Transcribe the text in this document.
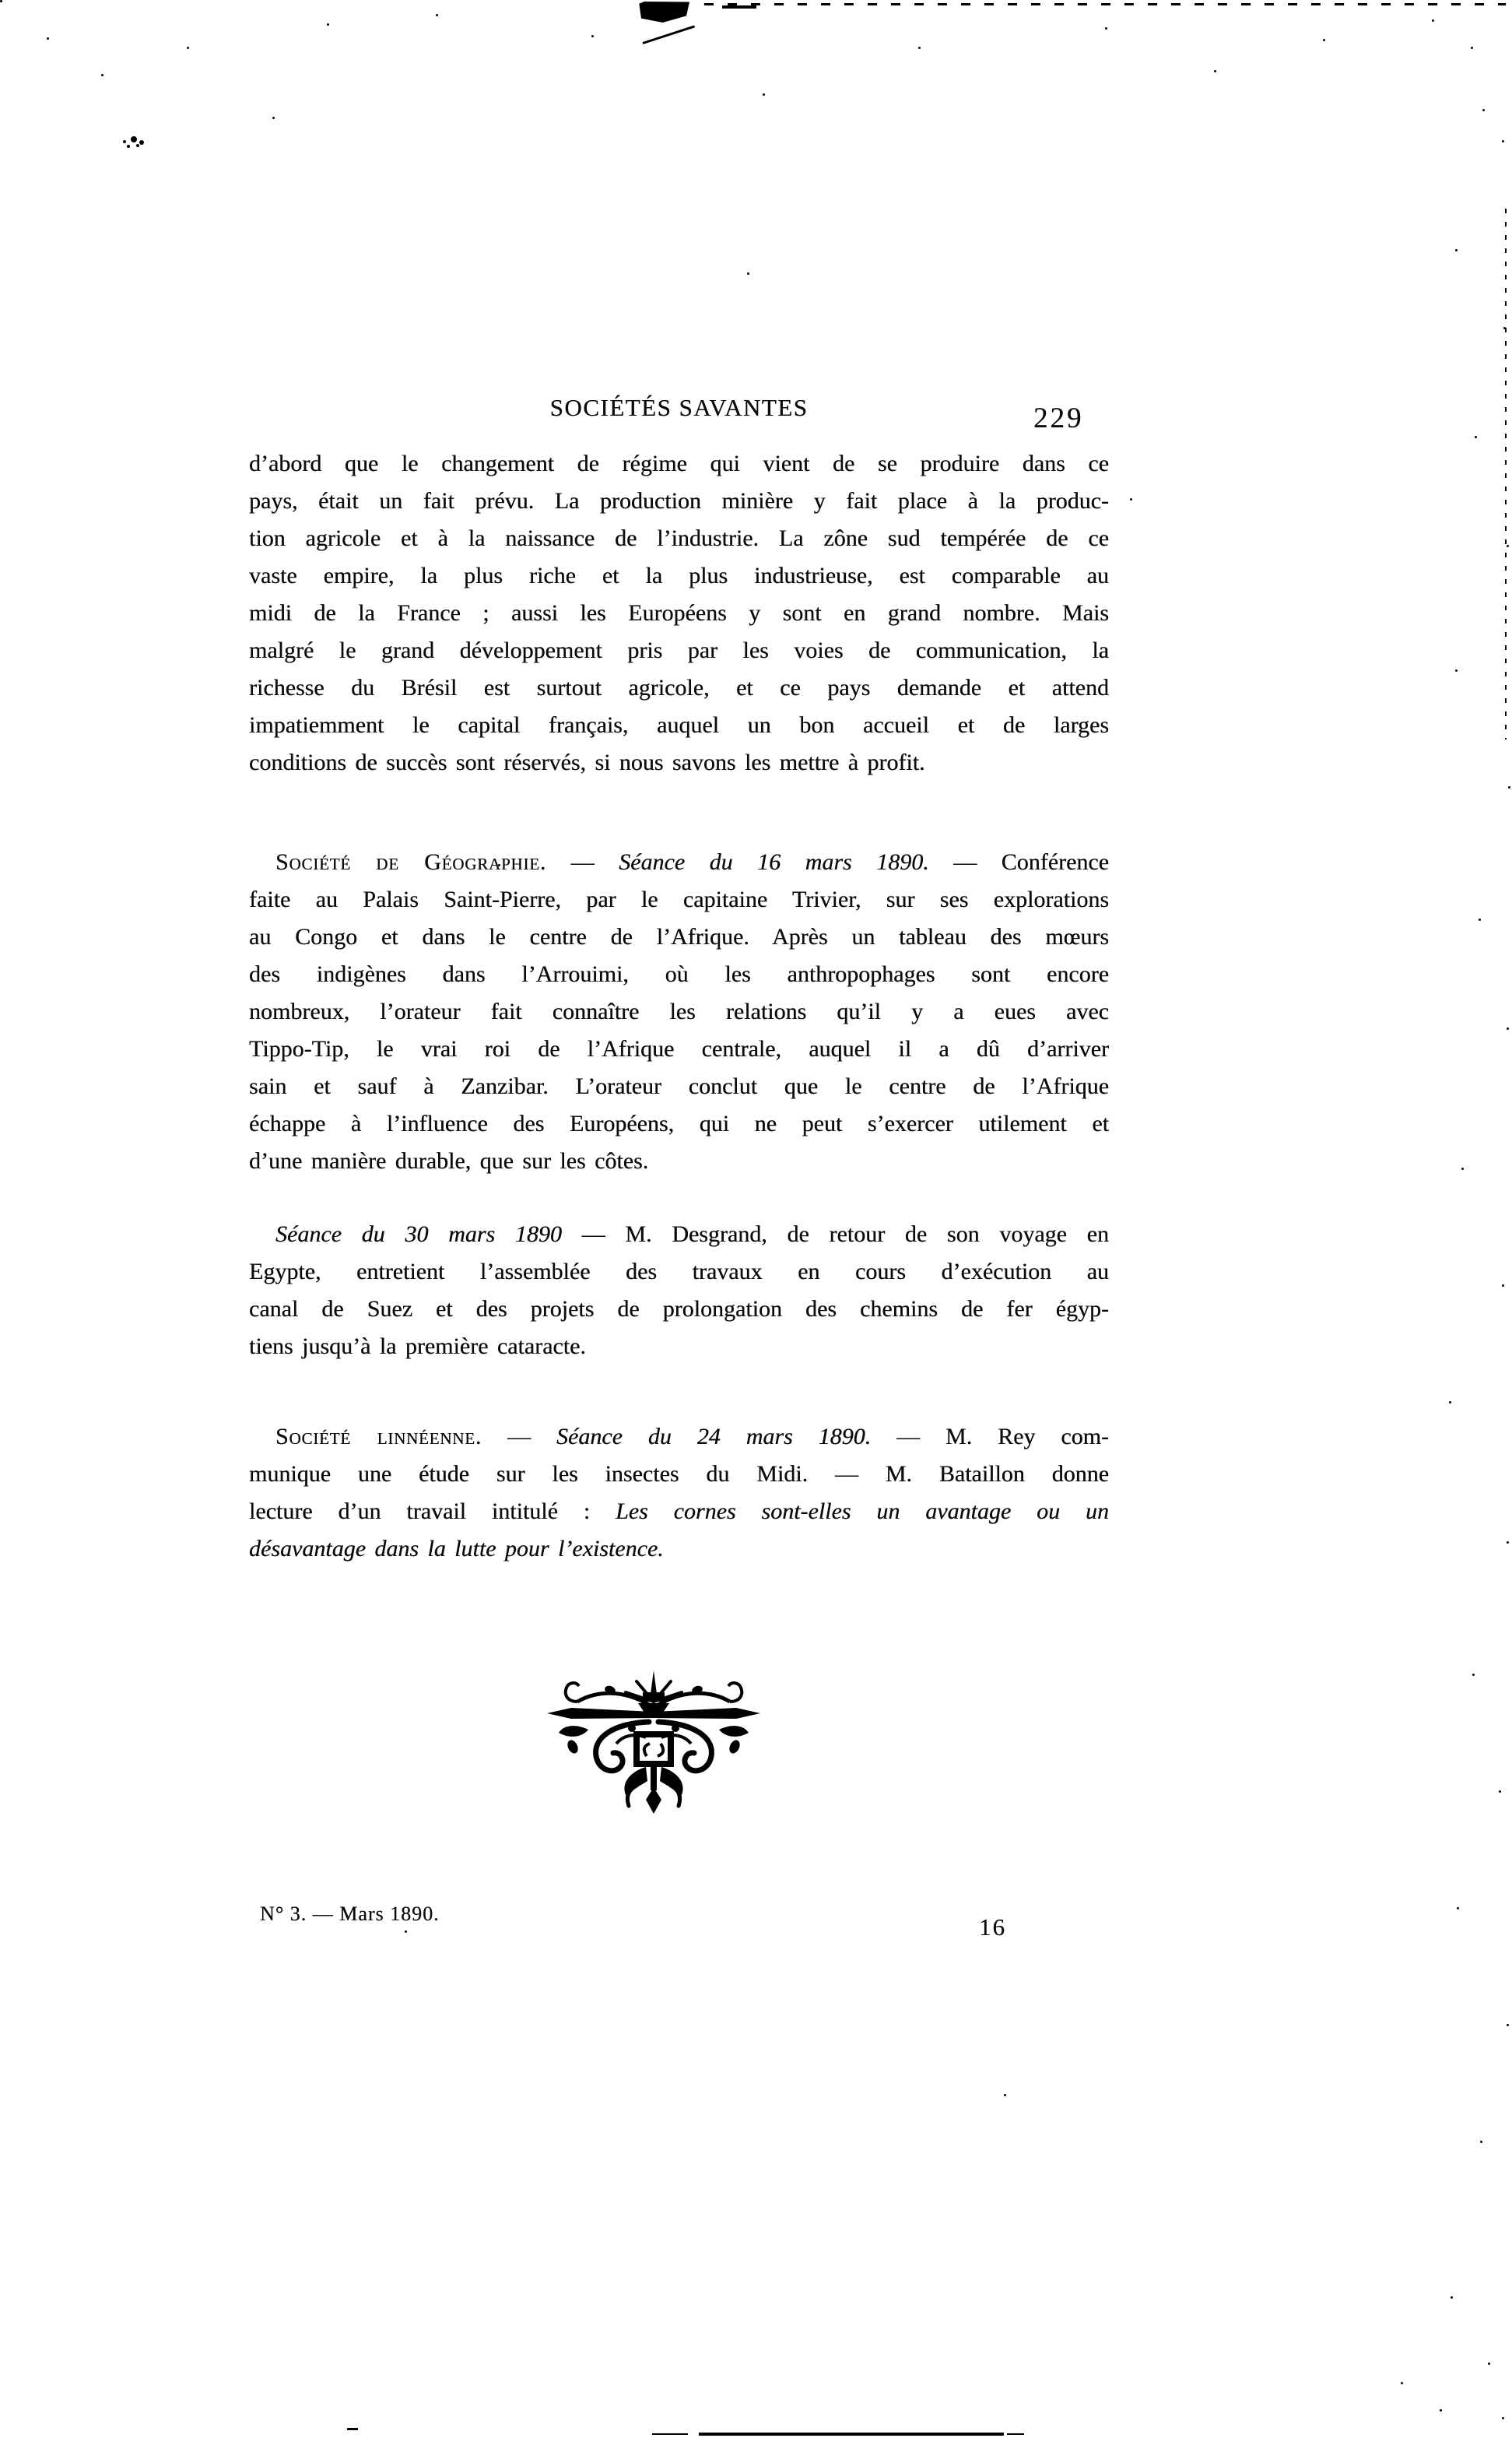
SOCIÉTÉS SAVANTES	229
d’abord que le changement de régime qui vient de se produire dans ce
pays, était un fait prévu. La production minière y fait place à la produc-
tion agricole et à la naissance de l’industrie. La zône sud tempérée de ce
vaste empire, la plus riche et la plus industrieuse, est comparable au
midi de la France ; aussi les Européens y sont en grand nombre. Mais
malgré le grand développement pris par les voies de communication, la
richesse du Brésil est surtout agricole, et ce pays demande et attend
impatiemment le capital français, auquel un bon accueil et de larges
conditions de succès sont réservés, si nous savons les mettre à profit.
Société de Géographie. — Séance du 16 mars 1890. — Conférence
faite au Palais Saint-Pierre, par le capitaine Trivier, sur ses explorations
au Congo et dans le centre de l’Afrique. Après un tableau des mœurs
des indigènes dans l’Arrouimi, où les anthropophages sont encore
nombreux, l’orateur fait connaître les relations qu’il y a eues avec
Tippo-Tip, le vrai roi de l’Afrique centrale, auquel il a dû d’arriver
sain et sauf à Zanzibar. L’orateur conclut que le centre de l’Afrique
échappe à l’influence des Européens, qui ne peut s’exercer utilement et
d’une manière durable, que sur les côtes.
Séance du 30 mars 1890 — M. Desgrand, de retour de son voyage en
Egypte, entretient l’assemblée des travaux en cours d’exécution au
canal de Suez et des projets de prolongation des chemins de fer égyp-
tiens jusqu’à la première cataracte.
Société linnéenne. — Séance du 24 mars 1890. — M. Rey com-
munique une étude sur les insectes du Midi. — M. Bataillon donne
lecture d’un travail intitulé : Les cornes sont-elles un avantage ou un
désavantage dans la lutte pour l’existence.
N° 3. — Mars 1890.	16
